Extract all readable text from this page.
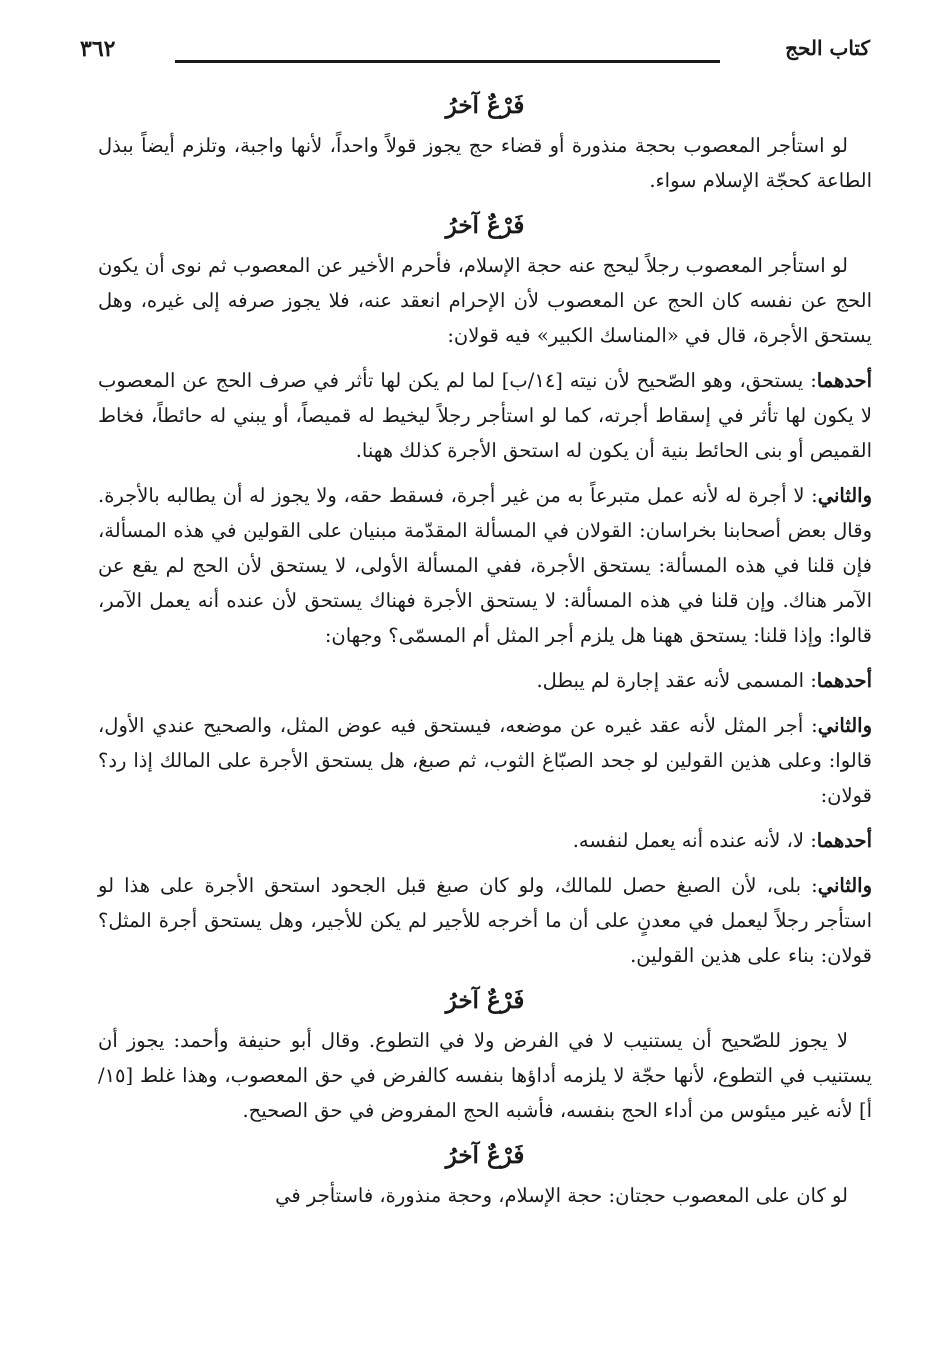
كتاب الحج
٣٦٢
فَرْعٌ آخرُ

لو استأجر المعصوب بحجة منذورة أو قضاء حج يجوز قولاً واحداً، لأنها واجبة، وتلزم أيضاً ببذل الطاعة كحجّة الإسلام سواء.

فَرْعٌ آخرُ

لو استأجر المعصوب رجلاً ليحج عنه حجة الإسلام، فأحرم الأخير عن المعصوب ثم نوى أن يكون الحج عن نفسه كان الحج عن المعصوب لأن الإحرام انعقد عنه، فلا يجوز صرفه إلى غيره، وهل يستحق الأجرة، قال في «المناسك الكبير» فيه قولان:

أحدهما: يستحق، وهو الصّحيح لأن نيته [١٤/ب] لما لم يكن لها تأثر في صرف الحج عن المعصوب لا يكون لها تأثر في إسقاط أجرته، كما لو استأجر رجلاً ليخيط له قميصاً، أو يبني له حائطاً، فخاط القميص أو بنى الحائط بنية أن يكون له استحق الأجرة كذلك ههنا.

والثاني: لا أجرة له لأنه عمل متبرعاً به من غير أجرة، فسقط حقه، ولا يجوز له أن يطالبه بالأجرة. وقال بعض أصحابنا بخراسان: القولان في المسألة المقدّمة مبنيان على القولين في هذه المسألة، فإن قلنا في هذه المسألة: يستحق الأجرة، ففي المسألة الأولى، لا يستحق لأن الحج لم يقع عن الآمر هناك. وإن قلنا في هذه المسألة: لا يستحق الأجرة فهناك يستحق لأن عنده أنه يعمل الآمر، قالوا: وإذا قلنا: يستحق ههنا هل يلزم أجر المثل أم المسمّى؟ وجهان:

أحدهما: المسمى لأنه عقد إجارة لم يبطل.

والثاني: أجر المثل لأنه عقد غيره عن موضعه، فيستحق فيه عوض المثل، والصحيح عندي الأول، قالوا: وعلى هذين القولين لو جحد الصبّاغ الثوب، ثم صبغ، هل يستحق الأجرة على المالك إذا رد؟ قولان:

أحدهما: لا، لأنه عنده أنه يعمل لنفسه.

والثاني: بلى، لأن الصبغ حصل للمالك، ولو كان صبغ قبل الجحود استحق الأجرة على هذا لو استأجر رجلاً ليعمل في معدنٍ على أن ما أخرجه للأجير لم يكن للأجير، وهل يستحق أجرة المثل؟ قولان: بناء على هذين القولين.

فَرْعٌ آخرُ

لا يجوز للصّحيح أن يستنيب لا في الفرض ولا في التطوع. وقال أبو حنيفة وأحمد: يجوز أن يستنيب في التطوع، لأنها حجّة لا يلزمه أداؤها بنفسه كالفرض في حق المعصوب، وهذا غلط [١٥/أ] لأنه غير ميئوس من أداء الحج بنفسه، فأشبه الحج المفروض في حق الصحيح.

فَرْعٌ آخرُ

لو كان على المعصوب حجتان: حجة الإسلام، وحجة منذورة، فاستأجر في
